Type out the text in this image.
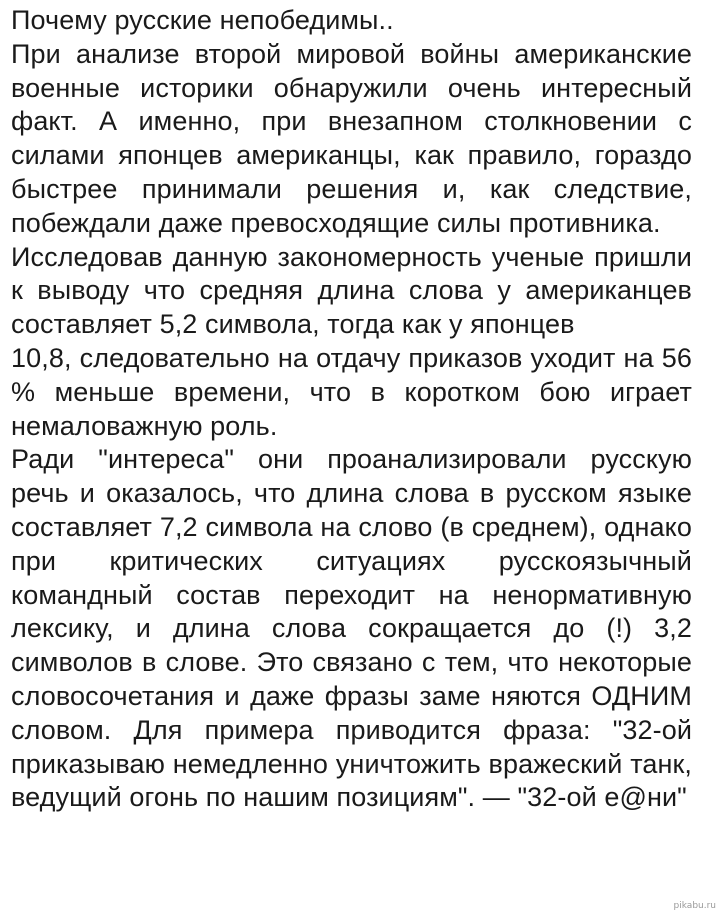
Почему русские непобедимы..

При анализе второй мировой войны американские военные историки обнаружили очень интересный факт. А именно, при внезапном столкновении с силами японцев американцы, как правило, гораздо быстрее принимали решения и, как следствие, побеждали даже превосходящие силы противника.

Исследовав данную закономерность ученые пришли к выводу что средняя длина слова у американцев составляет 5,2 символа, тогда как у японцев

10,8, следовательно на отдачу приказов уходит на 56 % меньше времени, что в коротком бою играет немаловажную роль.

Ради "интереса" они проанализировали русскую речь и оказалось, что длина слова в русском языке составляет 7,2 символа на слово (в среднем), однако при критических ситуациях русскоязычный командный состав переходит на ненормативную лексику, и длина слова сокращается до (!) 3,2 символов в слове. Это связано с тем, что некоторые словосочетания и даже фразы заме няются ОДНИМ словом. Для примера приводится фраза: "32-ой приказываю немедленно уничтожить вражеский танк, ведущий огонь по нашим позициям". — "32-ой е@ни"

pikabu.ru
